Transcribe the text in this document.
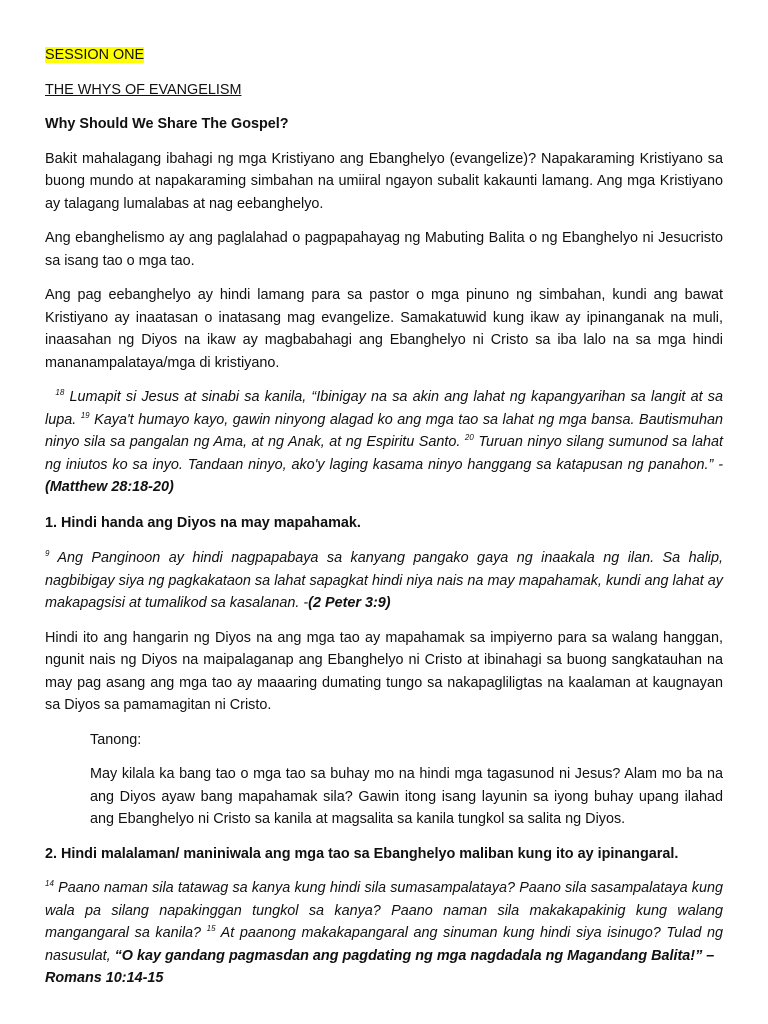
SESSION ONE

THE WHYS OF EVANGELISM

Why Should We Share The Gospel?

Bakit mahalagang ibahagi ng mga Kristiyano ang Ebanghelyo (evangelize)? Napakaraming Kristiyano sa buong mundo at napakaraming simbahan na umiiral ngayon subalit kakaunti lamang. Ang mga Kristiyano ay talagang lumalabas at nag eebanghelyo.

Ang ebanghelismo ay ang paglalahad o pagpapahayag ng Mabuting Balita o ng Ebanghelyo ni Jesucristo sa isang tao o mga tao.

Ang pag eebanghelyo ay hindi lamang para sa pastor o mga pinuno ng simbahan, kundi ang bawat Kristiyano ay inaatasan o inatasang mag evangelize. Samakatuwid kung ikaw ay ipinanganak na muli, inaasahan ng Diyos na ikaw ay magbabahagi ang Ebanghelyo ni Cristo sa iba lalo na sa mga hindi mananampalataya/mga di kristiyano.

$^{18}$ Lumapit si Jesus at sinabi sa kanila, “Ibinigay na sa akin ang lahat ng kapangyarihan sa langit at sa lupa. $^{19}$ Kaya't humayo kayo, gawin ninyong alagad ko ang mga tao sa lahat ng mga bansa. Bautismuhan ninyo sila sa pangalan ng Ama, at ng Anak, at ng Espiritu Santo. $^{20}$ Turuan ninyo silang sumunod sa lahat ng iniutos ko sa inyo. Tandaan ninyo, ako'y laging kasama ninyo hanggang sa katapusan ng panahon.” - (Matthew 28:18-20)

1. Hindi handa ang Diyos na may mapahamak.

$^9$ Ang Panginoon ay hindi nagpapabaya sa kanyang pangako gaya ng inaakala ng ilan. Sa halip, nagbibigay siya ng pagkakataon sa lahat sapagkat hindi niya nais na may mapahamak, kundi ang lahat ay makapagsisi at tumalikod sa kasalanan. -(2 Peter 3:9)

Hindi ito ang hangarin ng Diyos na ang mga tao ay mapahamak sa impiyerno para sa walang hanggan, ngunit nais ng Diyos na maipalaganap ang Ebanghelyo ni Cristo at ibinahagi sa buong sangkatauhan na may pag asang ang mga tao ay maaaring dumating tungo sa nakapagliligtas na kaalaman at kaugnayan sa Diyos sa pamamagitan ni Cristo.

Tanong:

May kilala ka bang tao o mga tao sa buhay mo na hindi mga tagasunod ni Jesus? Alam mo ba na ang Diyos ayaw bang mapahamak sila? Gawin itong isang layunin sa iyong buhay upang ilahad ang Ebanghelyo ni Cristo sa kanila at magsalita sa kanila tungkol sa salita ng Diyos.

2. Hindi malalaman/ maniniwala ang mga tao sa Ebanghelyo maliban kung ito ay ipinangaral.

$^{14}$ Paano naman sila tatawag sa kanya kung hindi sila sumasampalataya? Paano sila sasampalataya kung wala pa silang napakinggan tungkol sa kanya? Paano naman sila makakapakinig kung walang mangangaral sa kanila? $^{15}$ At paanong makakapangaral ang sinuman kung hindi siya isinugo? Tulad ng nasusulat, “O kay gandang pagmasdan ang pagdating ng mga nagdadala ng Magandang Balita!” –
Romans 10:14-15
